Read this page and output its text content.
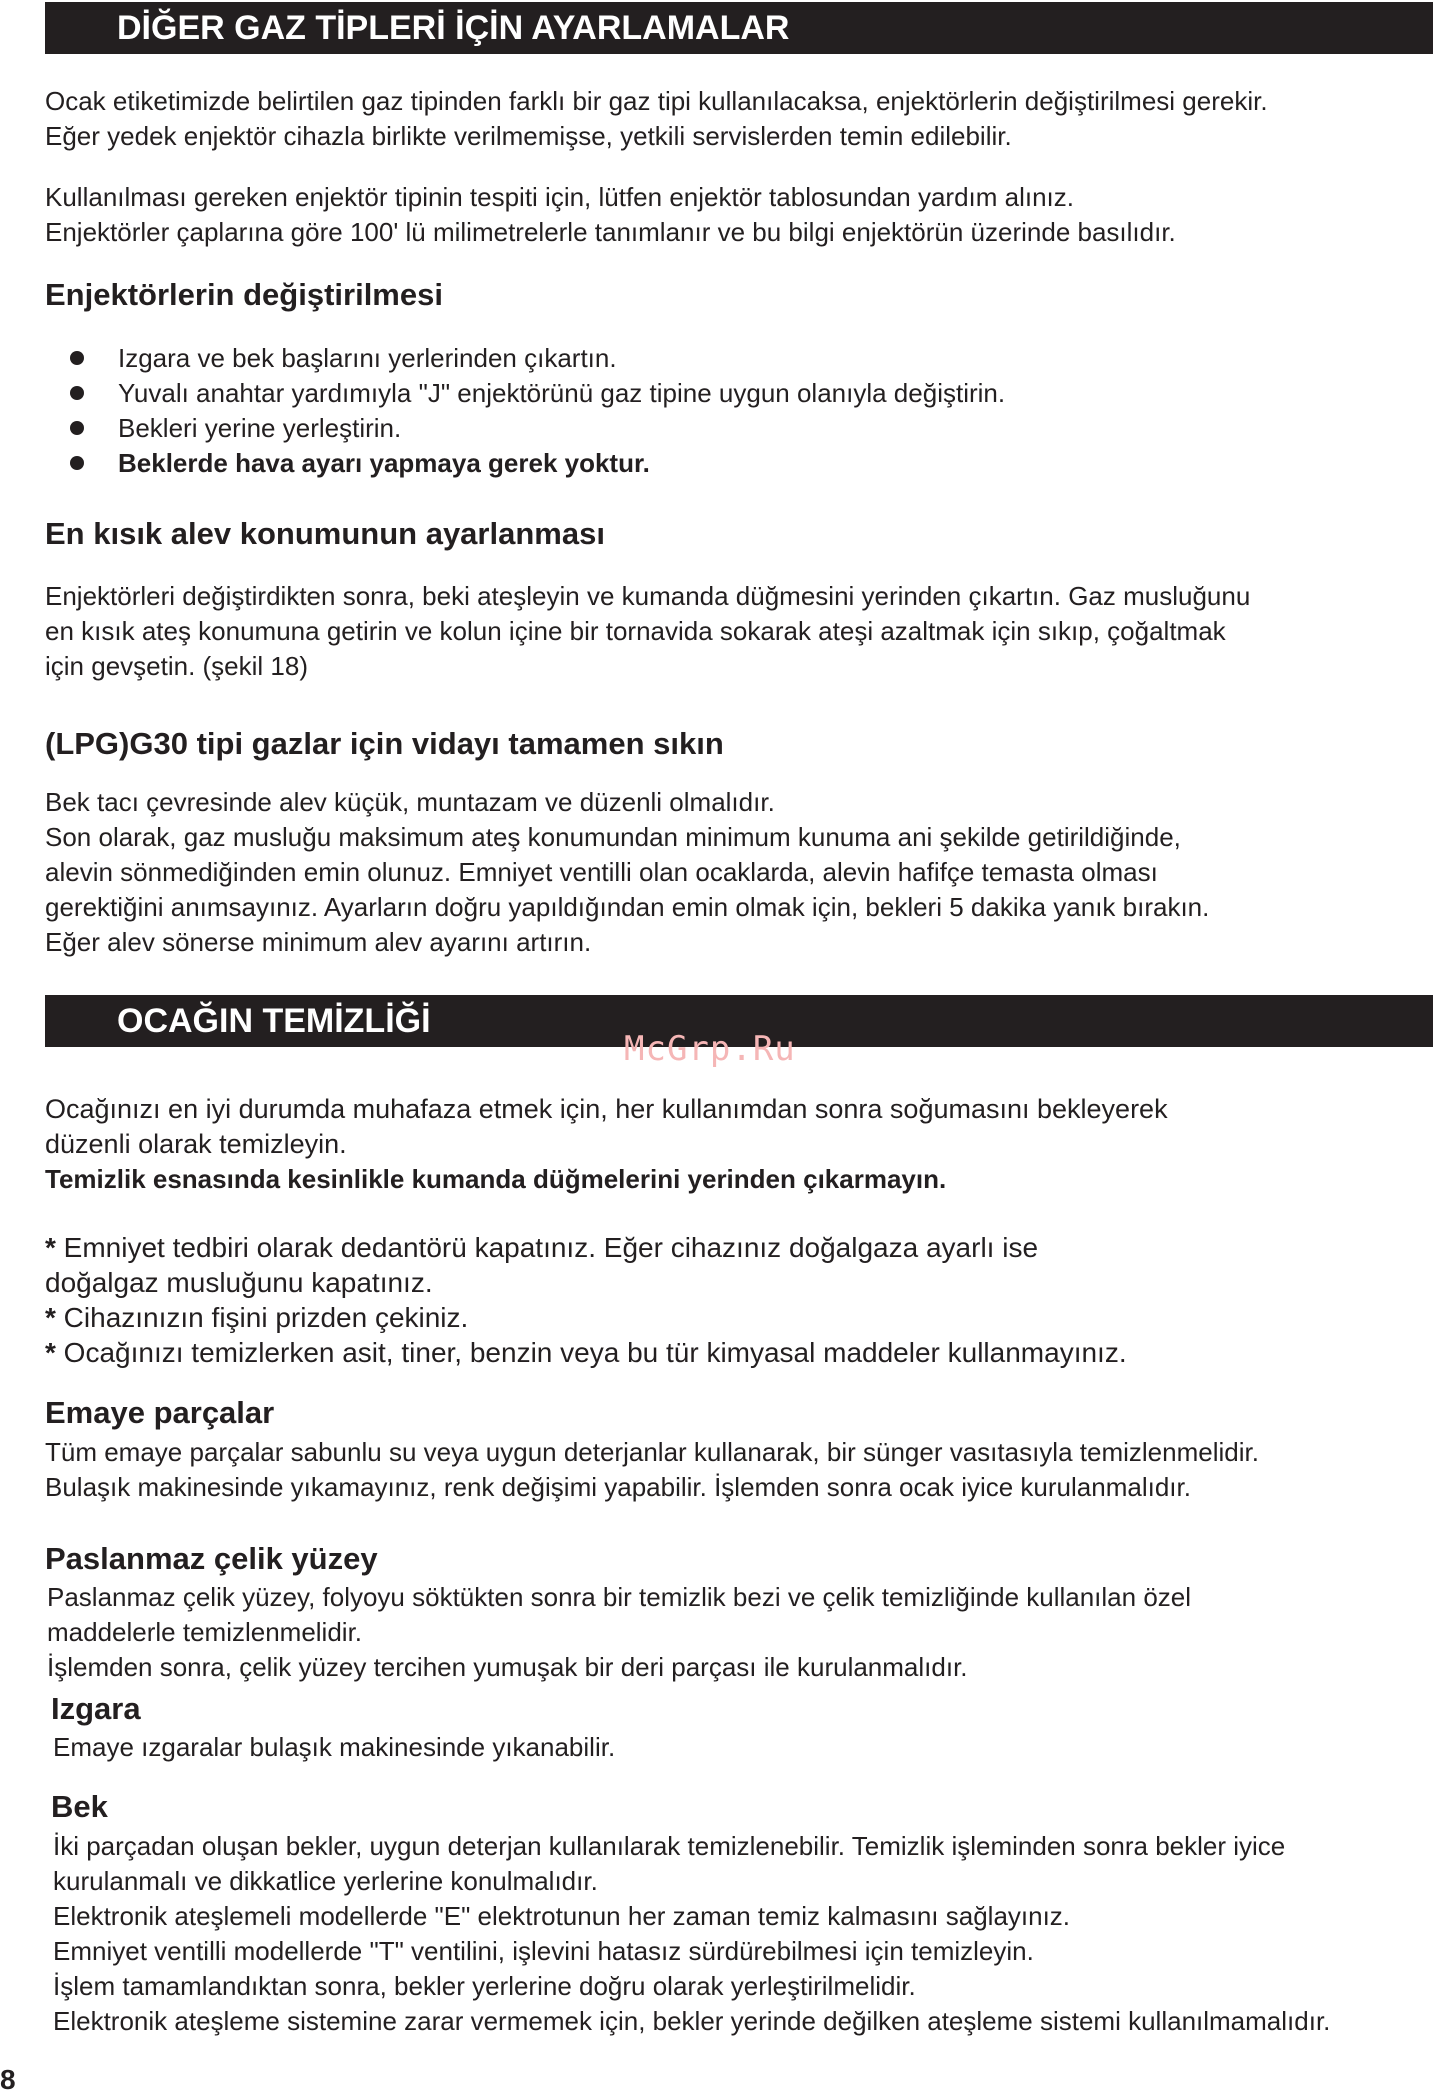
DİĞER GAZ TİPLERİ İÇİN AYARLAMALAR

Ocak etiketimizde belirtilen gaz tipinden farklı bir gaz tipi kullanılacaksa, enjektörlerin değiştirilmesi gerekir.

Eğer yedek enjektör cihazla birlikte verilmemişse, yetkili servislerden temin edilebilir.

Kullanılması gereken enjektör tipinin tespiti için, lütfen enjektör tablosundan yardım alınız.

Enjektörler çaplarına göre 100' lü milimetrelerle tanımlanır ve bu bilgi enjektörün üzerinde basılıdır.

Enjektörlerin değiştirilmesi
Izgara ve bek başlarını yerlerinden çıkartın.
Yuvalı anahtar yardımıyla "J" enjektörünü gaz tipine uygun olanıyla değiştirin.
Bekleri yerine yerleştirin.
Beklerde hava ayarı yapmaya gerek yoktur.
En kısık alev konumunun ayarlanması

Enjektörleri değiştirdikten sonra, beki ateşleyin ve kumanda düğmesini yerinden çıkartın. Gaz musluğunu

en kısık ateş konumuna getirin ve kolun içine bir tornavida sokarak ateşi azaltmak için sıkıp, çoğaltmak

için gevşetin. (şekil 18)

(LPG)G30 tipi gazlar için vidayı tamamen sıkın

Bek tacı çevresinde alev küçük, muntazam ve düzenli olmalıdır.

Son olarak, gaz musluğu maksimum ateş konumundan minimum kunuma ani şekilde getirildiğinde,

alevin sönmediğinden emin olunuz. Emniyet ventilli olan ocaklarda, alevin hafifçe temasta olması

gerektiğini anımsayınız. Ayarların doğru yapıldığından emin olmak için, bekleri 5 dakika yanık bırakın.

Eğer alev sönerse minimum alev ayarını artırın.

OCAĞIN TEMİZLİĞİ
McGrp.Ru

Ocağınızı en iyi durumda muhafaza etmek için, her kullanımdan sonra soğumasını bekleyerek

düzenli olarak temizleyin.

Temizlik esnasında kesinlikle kumanda düğmelerini yerinden çıkarmayın.

* Emniyet tedbiri olarak dedantörü kapatınız. Eğer cihazınız doğalgaza ayarlı ise

doğalgaz musluğunu kapatınız.

* Cihazınızın fişini prizden çekiniz.

* Ocağınızı temizlerken asit, tiner, benzin veya bu tür kimyasal maddeler kullanmayınız.

Emaye parçalar

Tüm emaye parçalar sabunlu su veya uygun deterjanlar kullanarak, bir sünger vasıtasıyla temizlenmelidir.

Bulaşık makinesinde yıkamayınız, renk değişimi yapabilir. İşlemden sonra ocak iyice kurulanmalıdır.

Paslanmaz çelik yüzey

Paslanmaz çelik yüzey, folyoyu söktükten sonra bir temizlik bezi ve çelik temizliğinde kullanılan özel

maddelerle temizlenmelidir.

İşlemden sonra, çelik yüzey tercihen yumuşak bir deri parçası ile kurulanmalıdır.

Izgara

Emaye ızgaralar bulaşık makinesinde yıkanabilir.

Bek

İki parçadan oluşan bekler, uygun deterjan kullanılarak temizlenebilir. Temizlik işleminden sonra bekler iyice

kurulanmalı ve dikkatlice yerlerine konulmalıdır.

Elektronik ateşlemeli modellerde "E" elektrotunun her zaman temiz kalmasını sağlayınız.

Emniyet ventilli modellerde "T" ventilini, işlevini hatasız sürdürebilmesi için temizleyin.

İşlem tamamlandıktan sonra, bekler yerlerine doğru olarak yerleştirilmelidir.

Elektronik ateşleme sistemine zarar vermemek için, bekler yerinde değilken ateşleme sistemi kullanılmamalıdır.

8
